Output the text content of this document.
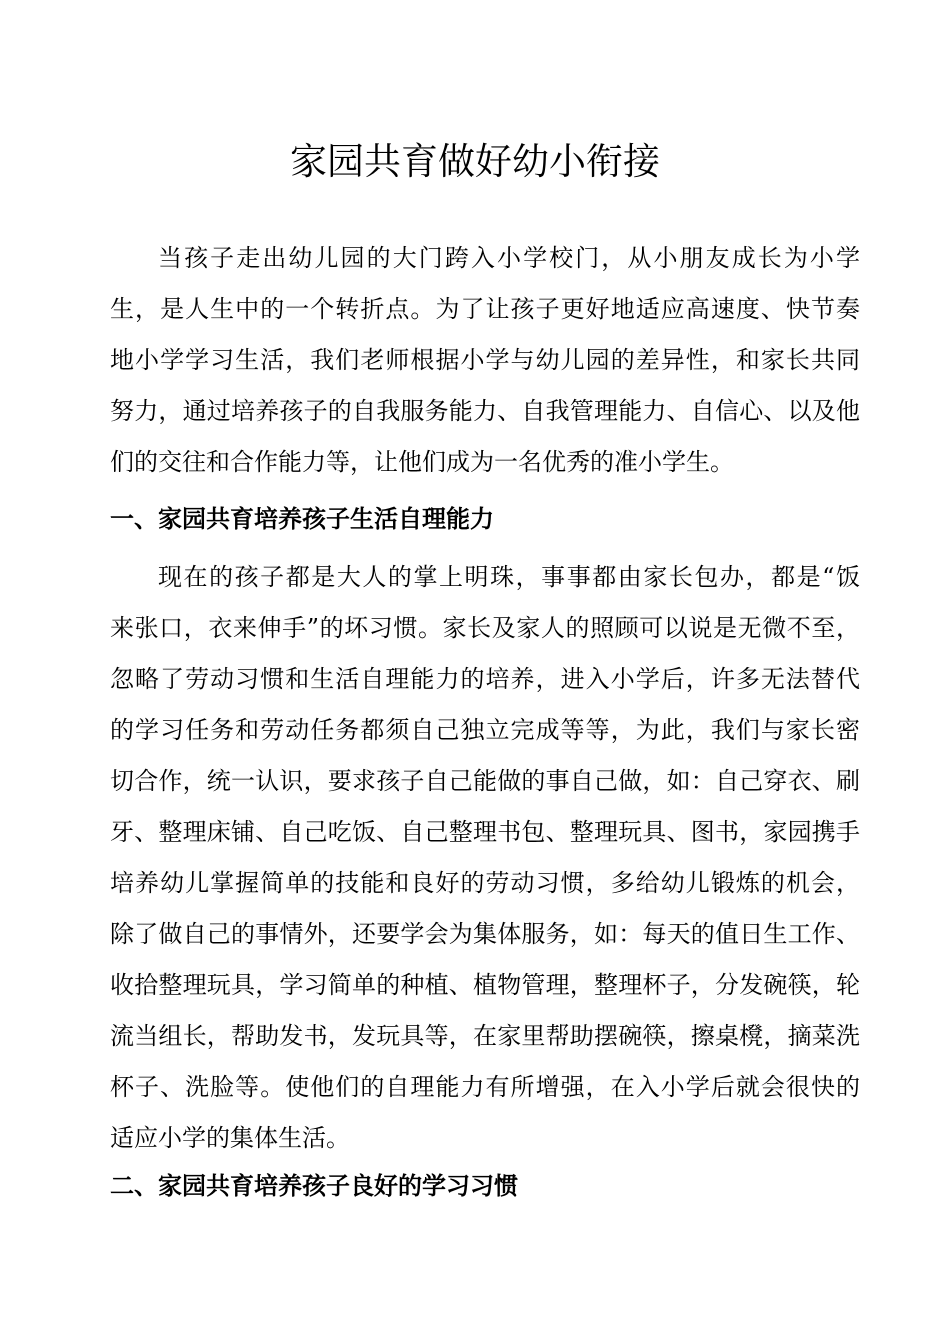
家园共育做好幼小衔接
当孩子走出幼儿园的大门跨入小学校门，从小朋友成长为小学
生，是人生中的一个转折点。为了让孩子更好地适应高速度、快节奏
地小学学习生活，我们老师根据小学与幼儿园的差异性，和家长共同
努力，通过培养孩子的自我服务能力、自我管理能力、自信心、以及他
们的交往和合作能力等，让他们成为一名优秀的准小学生。
一、家园共育培养孩子生活自理能力
现在的孩子都是大人的掌上明珠，事事都由家长包办，都是“饭
来张口，衣来伸手”的坏习惯。家长及家人的照顾可以说是无微不至，
忽略了劳动习惯和生活自理能力的培养，进入小学后，许多无法替代
的学习任务和劳动任务都须自己独立完成等等，为此，我们与家长密
切合作，统一认识，要求孩子自己能做的事自己做，如：自己穿衣、刷
牙、整理床铺、自己吃饭、自己整理书包、整理玩具、图书，家园携手
培养幼儿掌握简单的技能和良好的劳动习惯，多给幼儿锻炼的机会，
除了做自己的事情外，还要学会为集体服务，如：每天的值日生工作、
收拾整理玩具，学习简单的种植、植物管理，整理杯子，分发碗筷，轮
流当组长，帮助发书，发玩具等，在家里帮助摆碗筷，擦桌櫈，摘菜洗
杯子、洗脸等。使他们的自理能力有所增强，在入小学后就会很快的
适应小学的集体生活。
二、家园共育培养孩子良好的学习习惯
